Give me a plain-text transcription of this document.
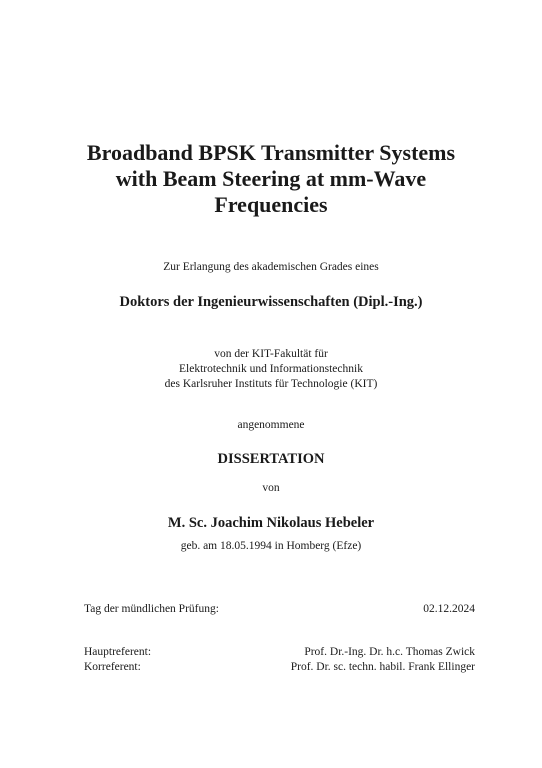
Broadband BPSK Transmitter Systems
with Beam Steering at mm-Wave
Frequencies
Zur Erlangung des akademischen Grades eines
Doktors der Ingenieurwissenschaften (Dipl.-Ing.)
von der KIT-Fakultät für
Elektrotechnik und Informationstechnik
des Karlsruher Instituts für Technologie (KIT)
angenommene
DISSERTATION
von
M. Sc. Joachim Nikolaus Hebeler
geb. am 18.05.1994 in Homberg (Efze)
Tag der mündlichen Prüfung:	02.12.2024
Hauptreferent:	Prof. Dr.-Ing. Dr. h.c. Thomas Zwick
Korreferent:	Prof. Dr. sc. techn. habil. Frank Ellinger
